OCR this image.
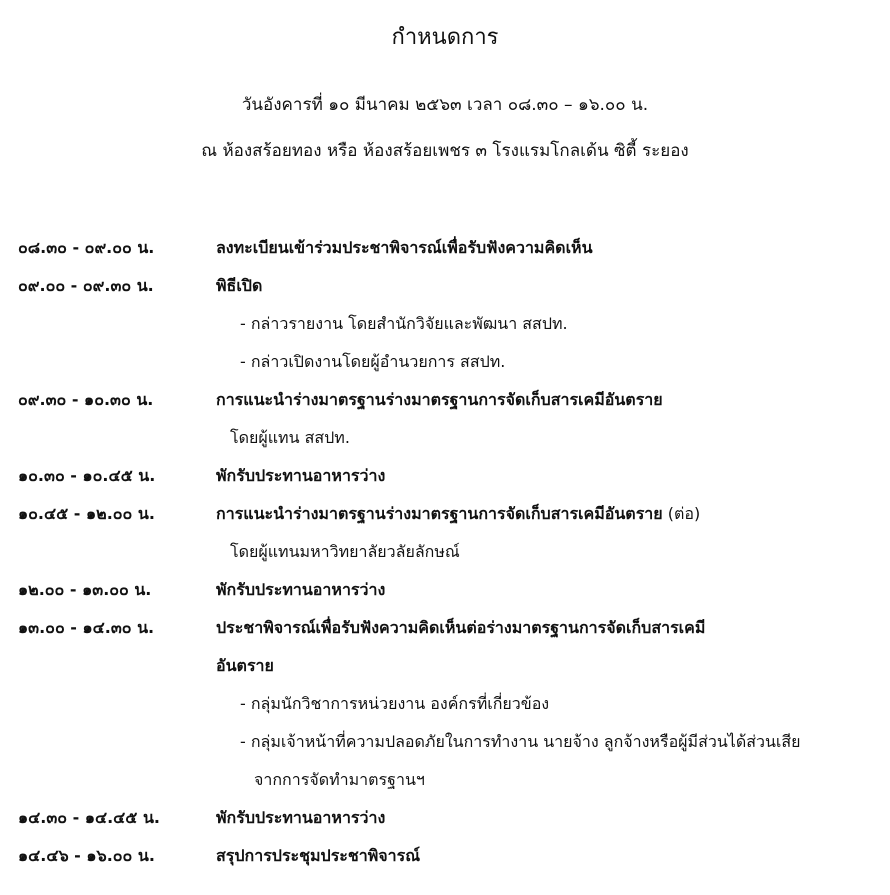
กำหนดการ
วันอังคารที่ ๑๐ มีนาคม ๒๕๖๓ เวลา ๐๘.๓๐ – ๑๖.๐๐ น.
ณ ห้องสร้อยทอง หรือ ห้องสร้อยเพชร ๓ โรงแรมโกลเด้น ซิตี้ ระยอง
๐๘.๓๐ - ๐๙.๐๐ น.	ลงทะเบียนเข้าร่วมประชาพิจารณ์เพื่อรับฟังความคิดเห็น
๐๙.๐๐ - ๐๙.๓๐ น.	พิธีเปิด
- กล่าวรายงาน โดยสำนักวิจัยและพัฒนา สสปท.
- กล่าวเปิดงานโดยผู้อำนวยการ สสปท.
๐๙.๓๐ - ๑๐.๓๐ น.	การแนะนำร่างมาตรฐานร่างมาตรฐานการจัดเก็บสารเคมีอันตราย
โดยผู้แทน สสปท.
๑๐.๓๐ - ๑๐.๔๕ น.	พักรับประทานอาหารว่าง
๑๐.๔๕ - ๑๒.๐๐ น.	การแนะนำร่างมาตรฐานร่างมาตรฐานการจัดเก็บสารเคมีอันตราย (ต่อ)
โดยผู้แทนมหาวิทยาลัยวลัยลักษณ์
๑๒.๐๐ - ๑๓.๐๐ น.	พักรับประทานอาหารว่าง
๑๓.๐๐ - ๑๔.๓๐ น.	ประชาพิจารณ์เพื่อรับฟังความคิดเห็นต่อร่างมาตรฐานการจัดเก็บสารเคมี
อันตราย
- กลุ่มนักวิชาการหน่วยงาน องค์กรที่เกี่ยวข้อง
- กลุ่มเจ้าหน้าที่ความปลอดภัยในการทำงาน นายจ้าง ลูกจ้างหรือผู้มีส่วนได้ส่วนเสีย
จากการจัดทำมาตรฐานฯ
๑๔.๓๐ - ๑๔.๔๕ น.	พักรับประทานอาหารว่าง
๑๔.๔๖ - ๑๖.๐๐ น.	สรุปการประชุมประชาพิจารณ์
